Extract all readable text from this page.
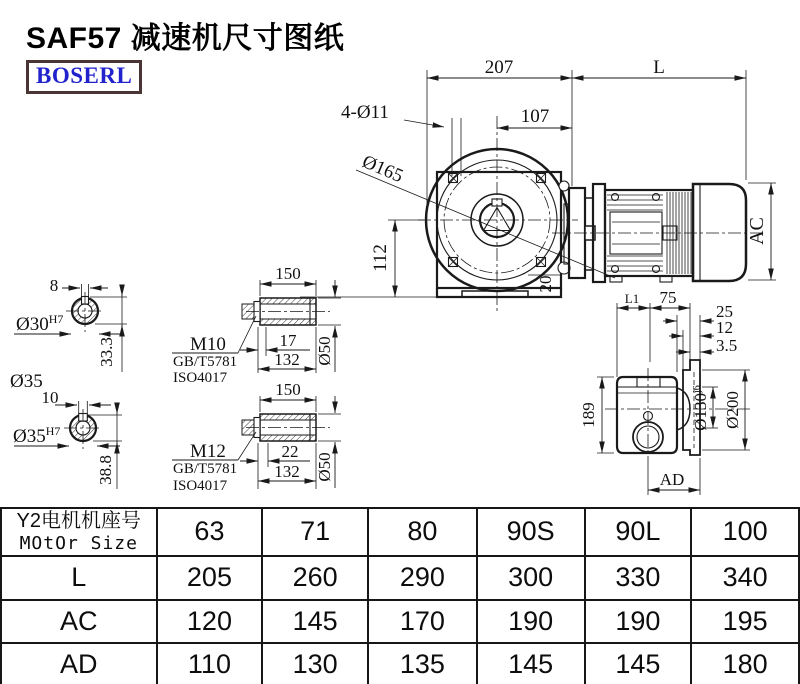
SAF57 减速机尺寸图纸
BOSERL	207	L
107
4-Ø11
Ø165
112
20
AC
8
$Ø30^{H7}$
33.3
Ø35
10
$Ø35^{H7}$
38.8
150
M10
GB/T5781
ISO4017
17
132 Ø50
150
M12
GB/T5781
ISO4017
22
132 Ø50
L1 75
25
12
3.5
189	$Ø130^{j6}$
Ø200
AD
Y2电机机座号
MOtOr Size	63	71	80	90S	90L	100
L	205	260	290	300	330	340
AC	120	145	170	190	190	195
AD	110	130	135	145	145	180
